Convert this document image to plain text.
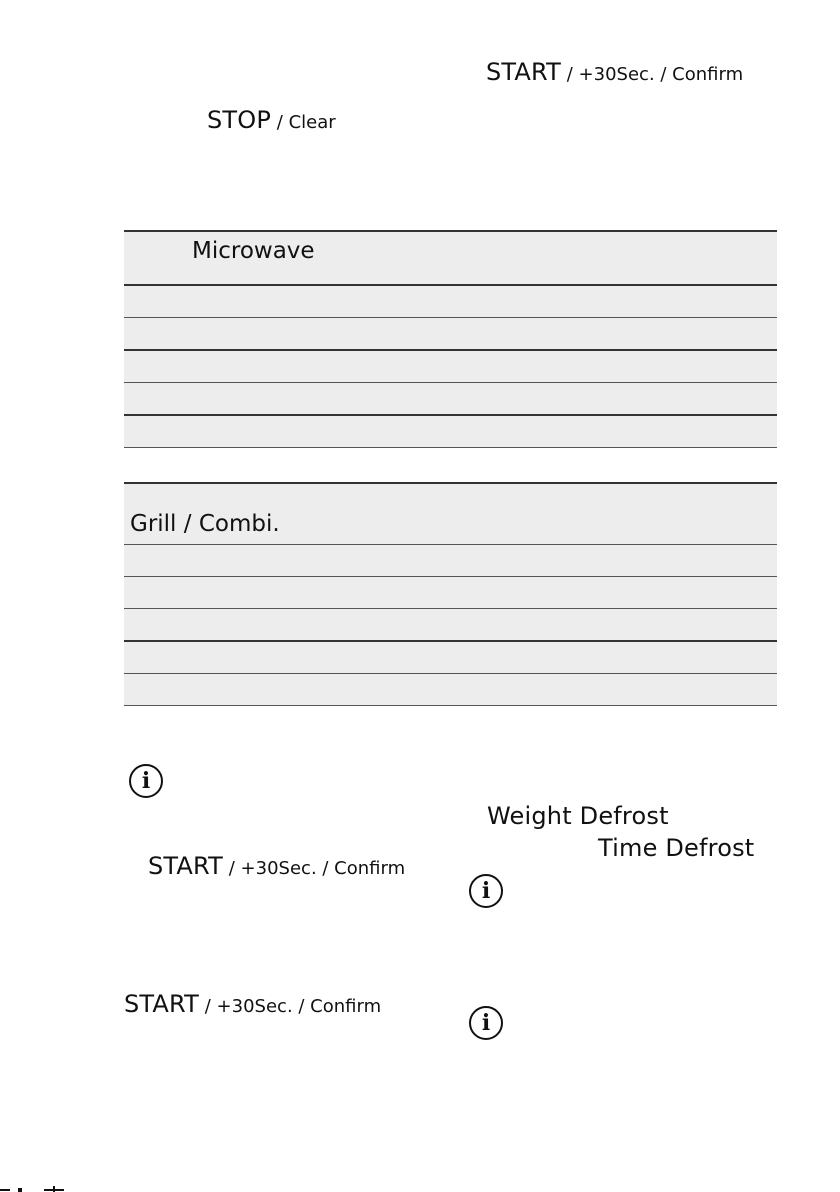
START / +30Sec. / Confirm
STOP / Clear
Microwave
Grill / Combi.
i
START / +30Sec. / Confirm
START / +30Sec. / Confirm
Weight Defrost
Time Defrost
i
i
